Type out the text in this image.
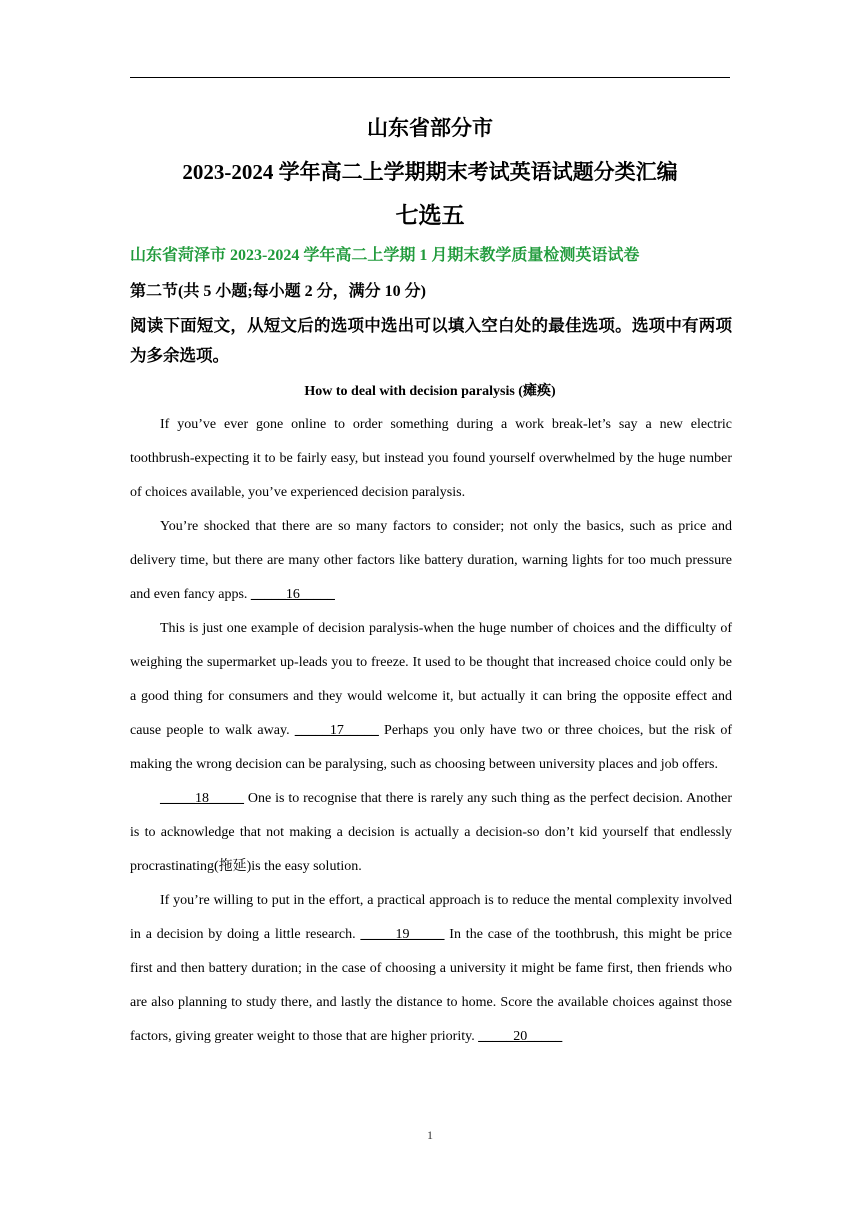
山东省部分市
2023-2024 学年高二上学期期末考试英语试题分类汇编
七选五
山东省菏泽市 2023-2024 学年高二上学期 1 月期末教学质量检测英语试卷
第二节(共 5 小题;每小题 2 分，满分 10 分)
阅读下面短文，从短文后的选项中选出可以填入空白处的最佳选项。选项中有两项为多余选项。
How to deal with decision paralysis (瘫痪)

If you’ve ever gone online to order something during a work break-let’s say a new electric toothbrush-expecting it to be fairly easy, but instead you found yourself overwhelmed by the huge number of choices available, you’ve experienced decision paralysis.

You’re shocked that there are so many factors to consider; not only the basics, such as price and delivery time, but there are many other factors like battery duration, warning lights for too much pressure and even fancy apps. _____16_____

This is just one example of decision paralysis-when the huge number of choices and the difficulty of weighing the supermarket up-leads you to freeze. It used to be thought that increased choice could only be a good thing for consumers and they would welcome it, but actually it can bring the opposite effect and cause people to walk away. _____17_____ Perhaps you only have two or three choices, but the risk of making the wrong decision can be paralysing, such as choosing between university places and job offers.

_____18_____ One is to recognise that there is rarely any such thing as the perfect decision. Another is to acknowledge that not making a decision is actually a decision-so don’t kid yourself that endlessly procrastinating(拖延)is the easy solution.

If you’re willing to put in the effort, a practical approach is to reduce the mental complexity involved in a decision by doing a little research. _____19_____ In the case of the toothbrush, this might be price first and then battery duration; in the case of choosing a university it might be fame first, then friends who are also planning to study there, and lastly the distance to home. Score the available choices against those factors, giving greater weight to those that are higher priority. _____20_____

1
